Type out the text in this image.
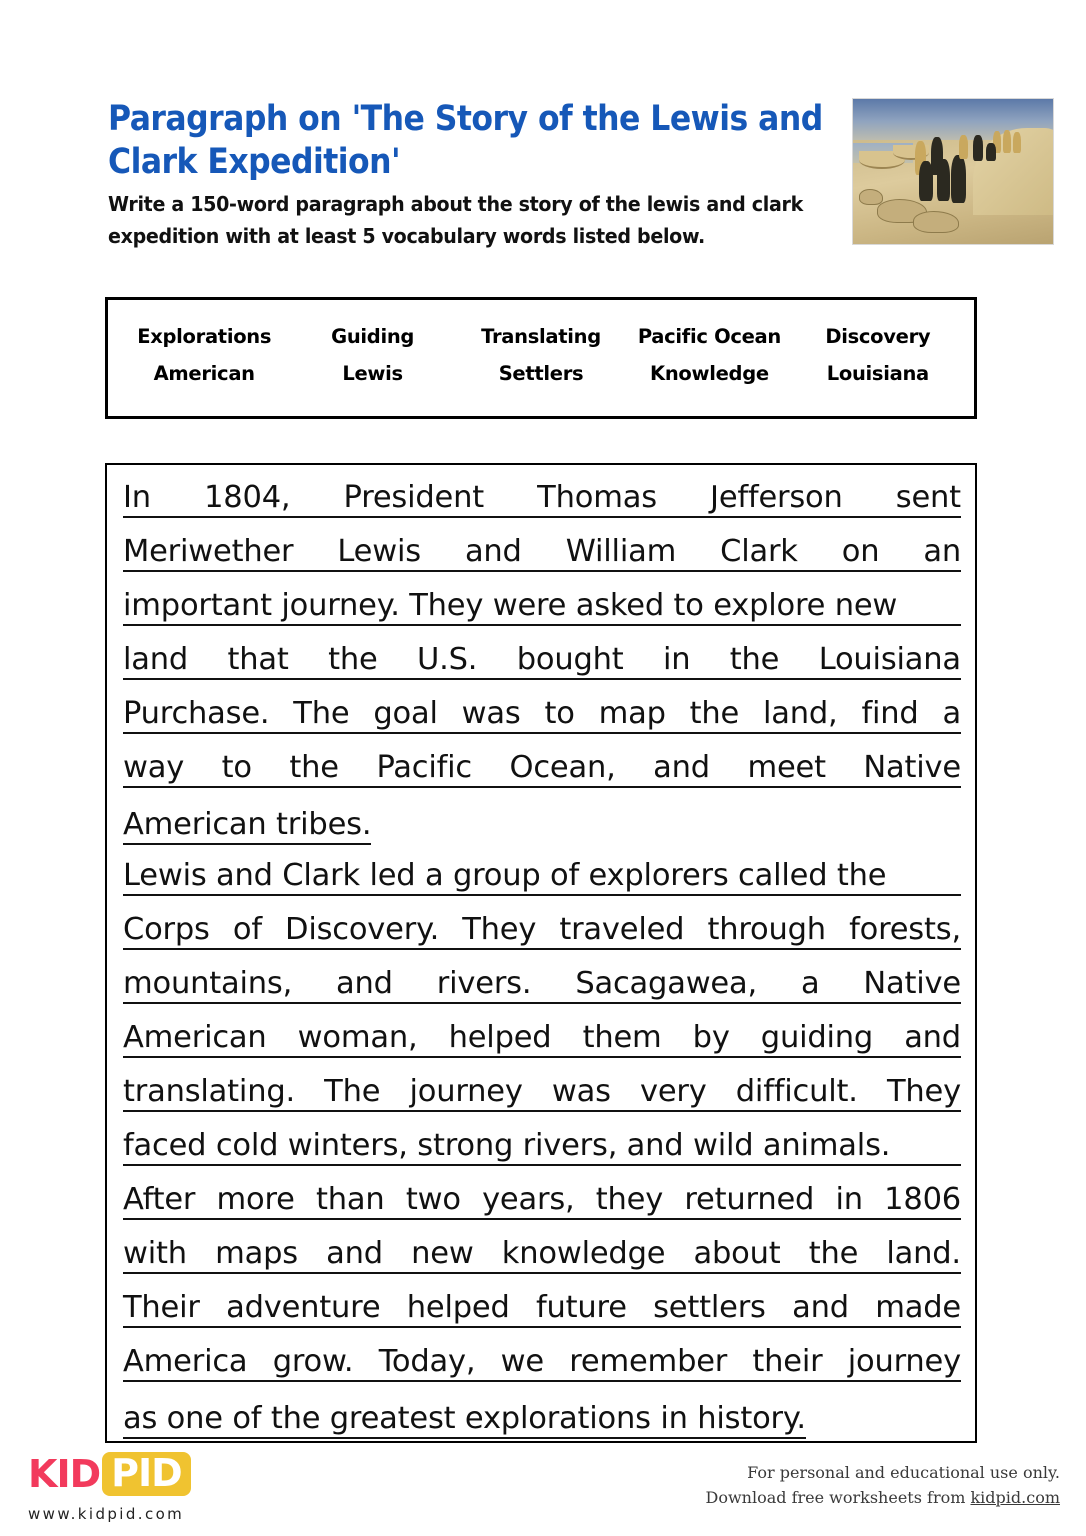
Paragraph on 'The Story of the Lewis and Clark Expedition'

Write a 150-word paragraph about the story of the lewis and clark expedition with at least 5 vocabulary words listed below.

Explorations	Guiding	Translating	Pacific Ocean	Discovery
American	Lewis	Settlers	Knowledge	Louisiana
In 1804, President Thomas Jefferson sent
Meriwether Lewis and William Clark on an
important journey. They were asked to explore new
land that the U.S. bought in the Louisiana
Purchase. The goal was to map the land, find a
way to the Pacific Ocean, and meet Native
American tribes.
Lewis and Clark led a group of explorers called the
Corps of Discovery. They traveled through forests,
mountains, and rivers. Sacagawea, a Native
American woman, helped them by guiding and
translating. The journey was very difficult. They
faced cold winters, strong rivers, and wild animals.
After more than two years, they returned in 1806
with maps and new knowledge about the land.
Their adventure helped future settlers and made
America grow. Today, we remember their journey
as one of the greatest explorations in history.
KID PID
www.kidpid.com
For personal and educational use only.
Download free worksheets from kidpid.com
